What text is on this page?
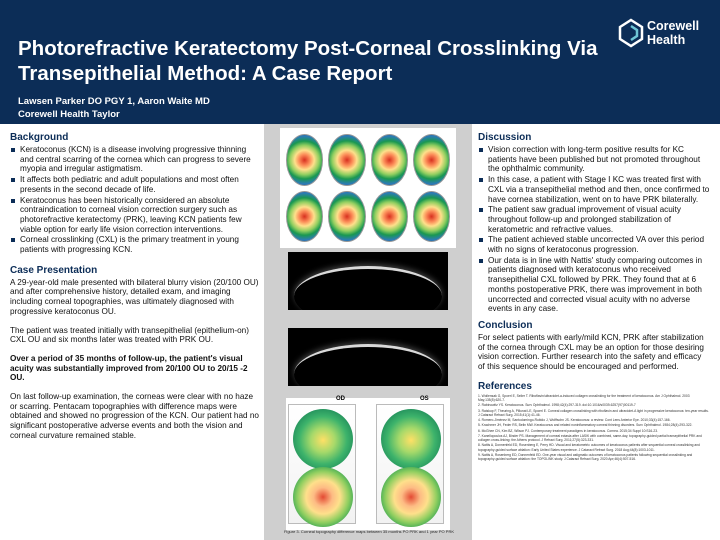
Photorefractive Keratectomy Post-Corneal Crosslinking Via Transepithelial Method: A Case Report
Lawsen Parker DO PGY 1, Aaron Waite MD
Corewell Health Taylor
Corewell
Health
Background
Keratoconus (KCN) is a disease involving progressive thinning and central scarring of the cornea which can progress to severe myopia and irregular astigmatism.
It affects both pediatric and adult populations and most often presents in the second decade of life.
Keratoconus has been historically considered an absolute contraindication to corneal vision correction surgery such as photorefractive keratectomy (PRK), leaving KCN patients few viable option for early life vision correction interventions.
Corneal crosslinking (CXL) is the primary treatment in young patients with progressing KCN.
Case Presentation

A 29-year-old male presented with bilateral blurry vision (20/100 OU) and after comprehensive history, detailed exam, and imaging including corneal topographies, was ultimately diagnosed with progressive keratoconus OU.

The patient was treated initially with transepithelial (epithelium-on) CXL OU and six months later was treated with PRK OU.

Over a period of 35 months of follow-up, the patient's visual acuity was substantially improved from 20/100 OU to 20/15 -2 OU.

On last follow-up examination, the corneas were clear with no haze or scarring. Pentacam topographies with difference maps were obtained and showed no progression of the KCN. Our patient had no significant postoperative adverse events and both the vision and corneal curvature remained stable.

OD	OS
Figure 3. Corneal topography difference maps between 35 months PO PRK and 1 year PO PRK
Discussion
Vision correction with long-term positive results for KC patients have been published but not promoted throughout the ophthalmic community.
In this case, a patient with Stage I KC was treated first with CXL via a transepithelial method and then, once confirmed to have cornea stabilization, went on to have PRK bilaterally.
The patient saw gradual improvement of visual acuity throughout follow-up and prolonged stabilization of keratometric and refractive values.
The patient achieved stable uncorrected VA over this period with no signs of keratoconus progression.
Our data is in line with Nattis' study comparing outcomes in patients diagnosed with keratoconus who received transepithelial CXL followed by PRK. They found that at 6 months postoperative PRK, there was improvement in both uncorrected and corrected visual acuity with no adverse events in any case.
Conclusion

For select patients with early/mild KCN, PRK after stabilization of the cornea through CXL may be an option for those desiring vision correction. Further research into the safety and efficacy of this sequence should be encouraged and performed.

References
1. Wollensak G, Spoerl E, Seiler T. Riboflavin/ultraviolet-a-induced collagen crosslinking for the treatment of keratoconus. Am J Ophthalmol. 2003 May;135(5):620-7.
2. Rabinowitz YS. Keratoconus. Surv Ophthalmol. 1998;42(4):297-319. doi:10.1016/s0039-6257(97)00119-7
3. Raiskup F, Theuring A, Pillunat LE, Spoerl E. Corneal collagen crosslinking with riboflavin and ultraviolet-A light in progressive keratoconus: ten-year results. J Cataract Refract Surg. 2015;41(1):41-46.
4. Romero-Jiménez M, Santodomingo-Rubido J, Wolffsohn JS. Keratoconus: a review. Cont Lens Anterior Eye. 2010;33(4):157-166.
5. Krachmer JH, Feder RS, Belin MW. Keratoconus and related noninflammatory corneal thinning disorders. Surv Ophthalmol. 1984;28(4):293-322.
6. McGhee CN, Kim BZ, Wilson PJ. Contemporary treatment paradigms in keratoconus. Cornea. 2015;34 Suppl 10:S16-23.
7. Kanellopoulos AJ, Binder PS. Management of corneal ectasia after LASIK with combined, same-day, topography-guided partial transepithelial PRK and collagen cross-linking: the Athens protocol. J Refract Surg. 2011;27(5):323-331.
8. Nattis A, Donnenfeld ED, Rosenberg E, Perry HD. Visual and keratometric outcomes of keratoconus patients after sequential corneal crosslinking and topography-guided surface ablation: Early United States experience. J Cataract Refract Surg. 2018 Aug;44(8):1003-1011.
9. Nattis A, Rosenberg ED, Donnenfeld ED. One-year visual and astigmatic outcomes of keratoconus patients following sequential crosslinking and topography-guided surface ablation: the TOPOLINK study. J Cataract Refract Surg. 2020 Apr;46(4):507-516.
